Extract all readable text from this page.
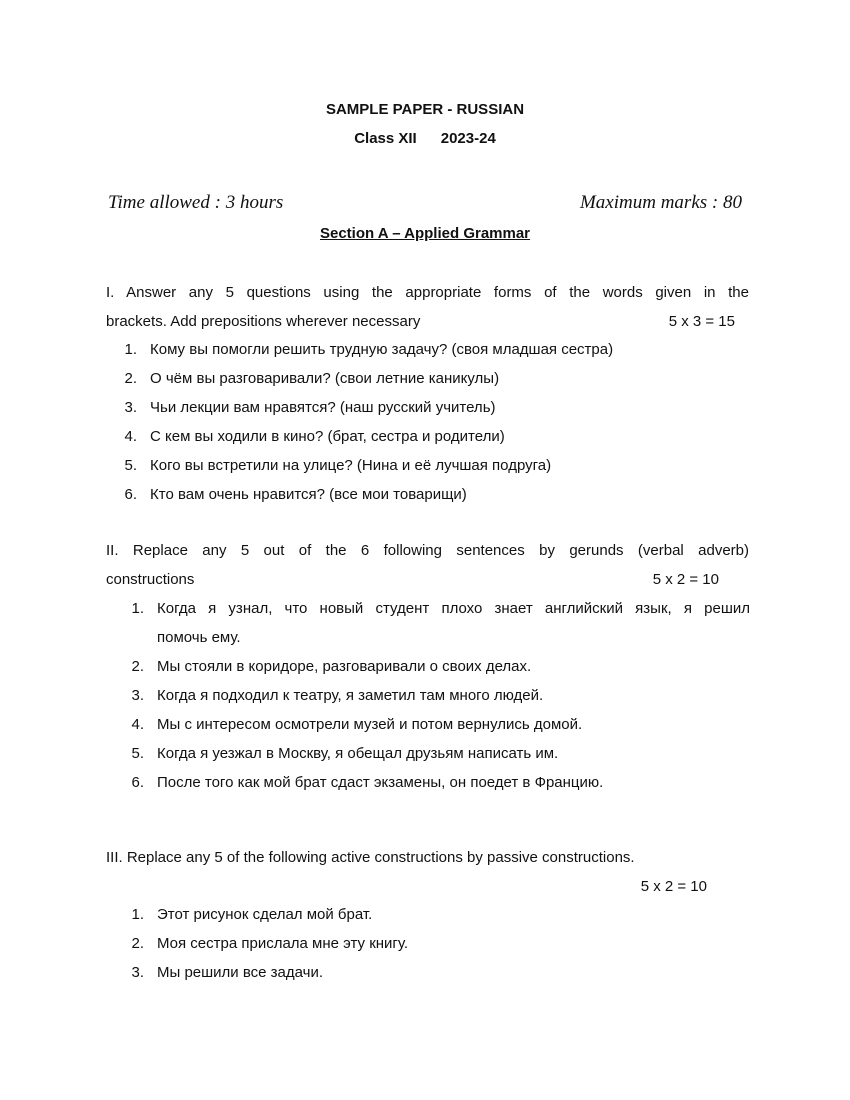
SAMPLE PAPER - RUSSIAN
Class XII 2023-24
Time allowed : 3 hours	Maximum marks : 80
Section A – Applied Grammar
I. Answer any 5 questions using the appropriate forms of the words given in the
brackets. Add prepositions wherever necessary	5 x 3 = 15
1. Кому вы помогли решить трудную задачу? (своя младшая сестра)
2. О чём вы разговаривали? (свои летние каникулы)
3. Чьи лекции вам нравятся? (наш русский учитель)
4. С кем вы ходили в кино? (брат, сестра и родители)
5. Кого вы встретили на улице? (Нина и её лучшая подруга)
6. Кто вам очень нравится? (все мои товарищи)
II. Replace any 5 out of the 6 following sentences by gerunds (verbal adverb)
constructions	5 x 2 = 10
1. Когда я узнал, что новый студент плохо знает английский язык, я решил
помочь ему.
2. Мы стояли в коридоре, разговаривали о своих делах.
3. Когда я подходил к театру, я заметил там много людей.
4. Мы с интересом осмотрели музей и потом вернулись домой.
5. Когда я уезжал в Москву, я обещал друзьям написать им.
6. После того как мой брат сдаст экзамены, он поедет в Францию.
III. Replace any 5 of the following active constructions by passive constructions.
5 x 2 = 10
1. Этот рисунок сделал мой брат.
2. Моя сестра прислала мне эту книгу.
3. Мы решили все задачи.
